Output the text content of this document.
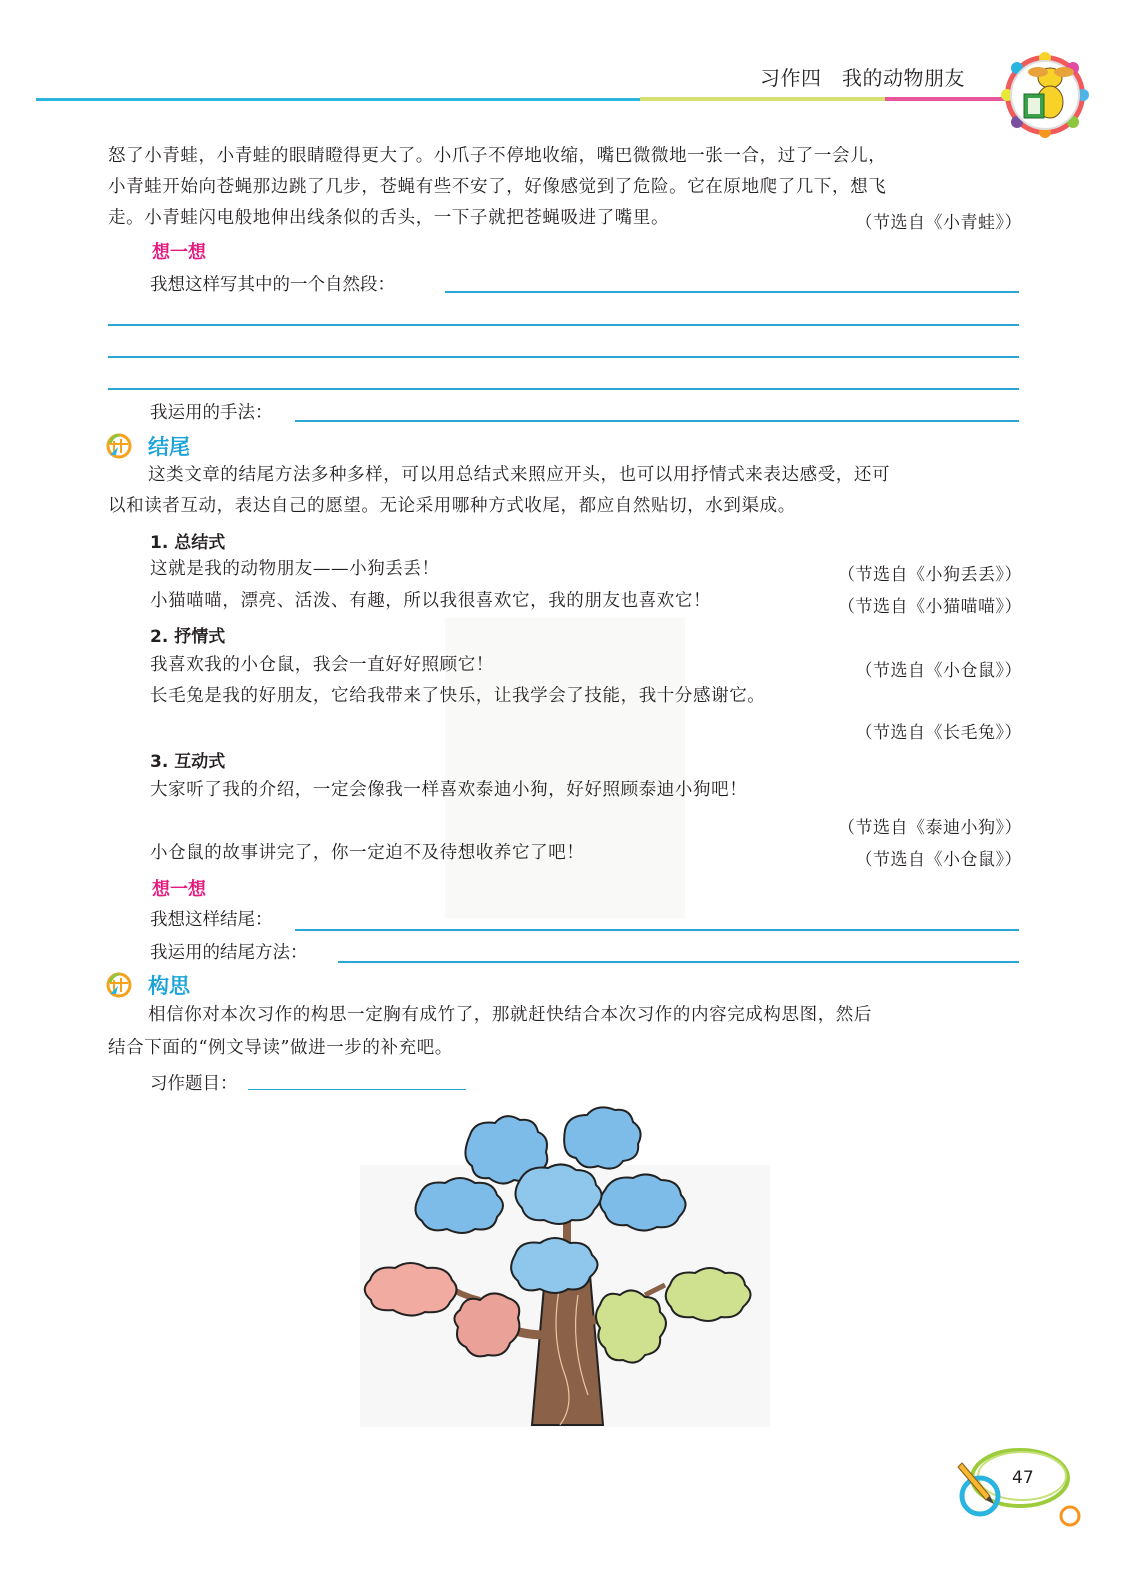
习作四　我的动物朋友
怒了小青蛙，小青蛙的眼睛瞪得更大了。小爪子不停地收缩，嘴巴微微地一张一合，过了一会儿，
小青蛙开始向苍蝇那边跳了几步，苍蝇有些不安了，好像感觉到了危险。它在原地爬了几下，想飞
走。小青蛙闪电般地伸出线条似的舌头，一下子就把苍蝇吸进了嘴里。	（节选自《小青蛙》）
想一想
我想这样写其中的一个自然段：
我运用的手法：
结尾
这类文章的结尾方法多种多样，可以用总结式来照应开头，也可以用抒情式来表达感受，还可
以和读者互动，表达自己的愿望。无论采用哪种方式收尾，都应自然贴切，水到渠成。
1. 总结式
这就是我的动物朋友——小狗丢丢！	（节选自《小狗丢丢》）
小猫喵喵，漂亮、活泼、有趣，所以我很喜欢它，我的朋友也喜欢它！	（节选自《小猫喵喵》）
2. 抒情式
我喜欢我的小仓鼠，我会一直好好照顾它！	（节选自《小仓鼠》）
长毛兔是我的好朋友，它给我带来了快乐，让我学会了技能，我十分感谢它。
（节选自《长毛兔》）
3. 互动式
大家听了我的介绍，一定会像我一样喜欢泰迪小狗，好好照顾泰迪小狗吧！
（节选自《泰迪小狗》）
小仓鼠的故事讲完了，你一定迫不及待想收养它了吧！	（节选自《小仓鼠》）
想一想
我想这样结尾：
我运用的结尾方法：
构思
相信你对本次习作的构思一定胸有成竹了，那就赶快结合本次习作的内容完成构思图，然后
结合下面的“例文导读”做进一步的补充吧。
习作题目：
47
